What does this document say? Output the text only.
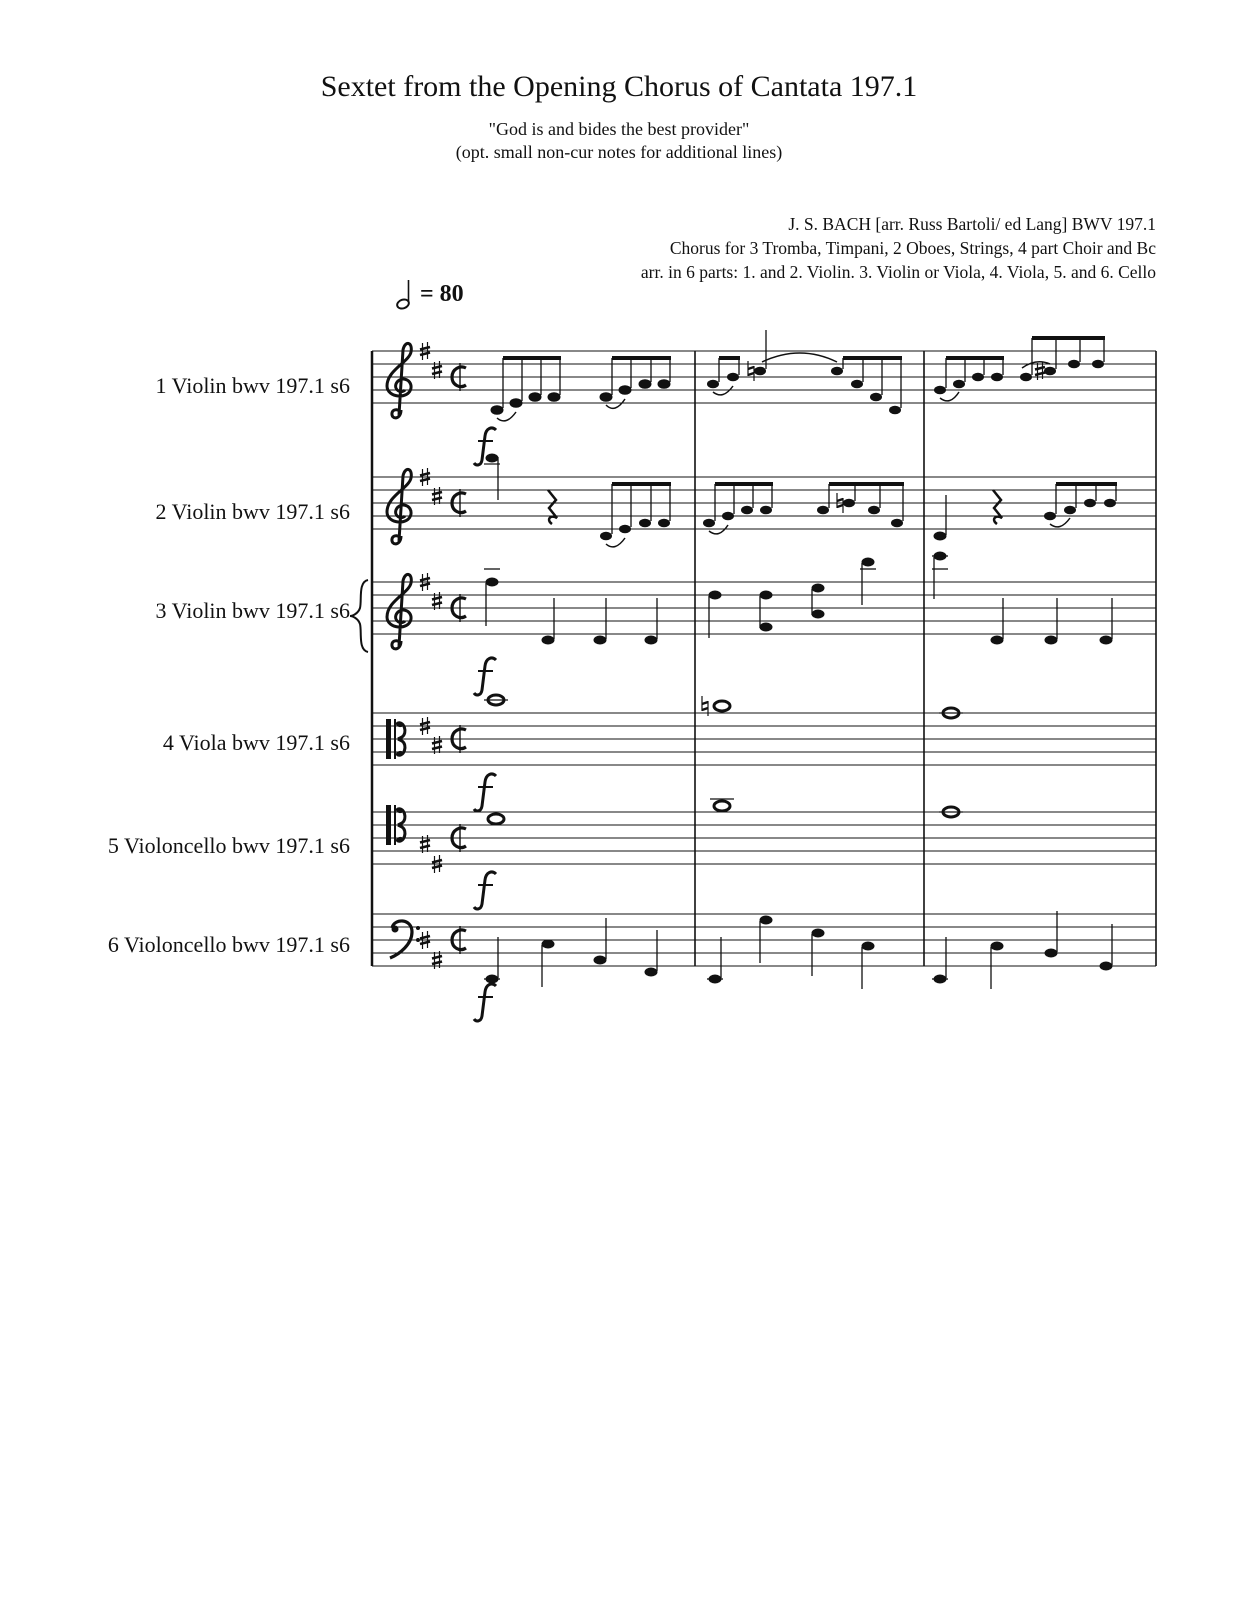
Sextet from the Opening Chorus of Cantata 197.1
"God is and bides the best provider"
(opt. small non-cur notes for additional lines)
J. S. BACH [arr. Russ Bartoli/ ed Lang] BWV 197.1
Chorus for 3 Tromba, Timpani, 2 Oboes, Strings, 4 part Choir and Bc
arr. in 6 parts: 1. and 2. Violin. 3. Violin or Viola, 4. Viola, 5. and 6. Cello
= 80
1 Violin bwv 197.1 s6
2 Violin bwv 197.1 s6
3 Violin bwv 197.1 s6
4 Viola bwv 197.1 s6
5 Violoncello bwv 197.1 s6
6 Violoncello bwv 197.1 s6
